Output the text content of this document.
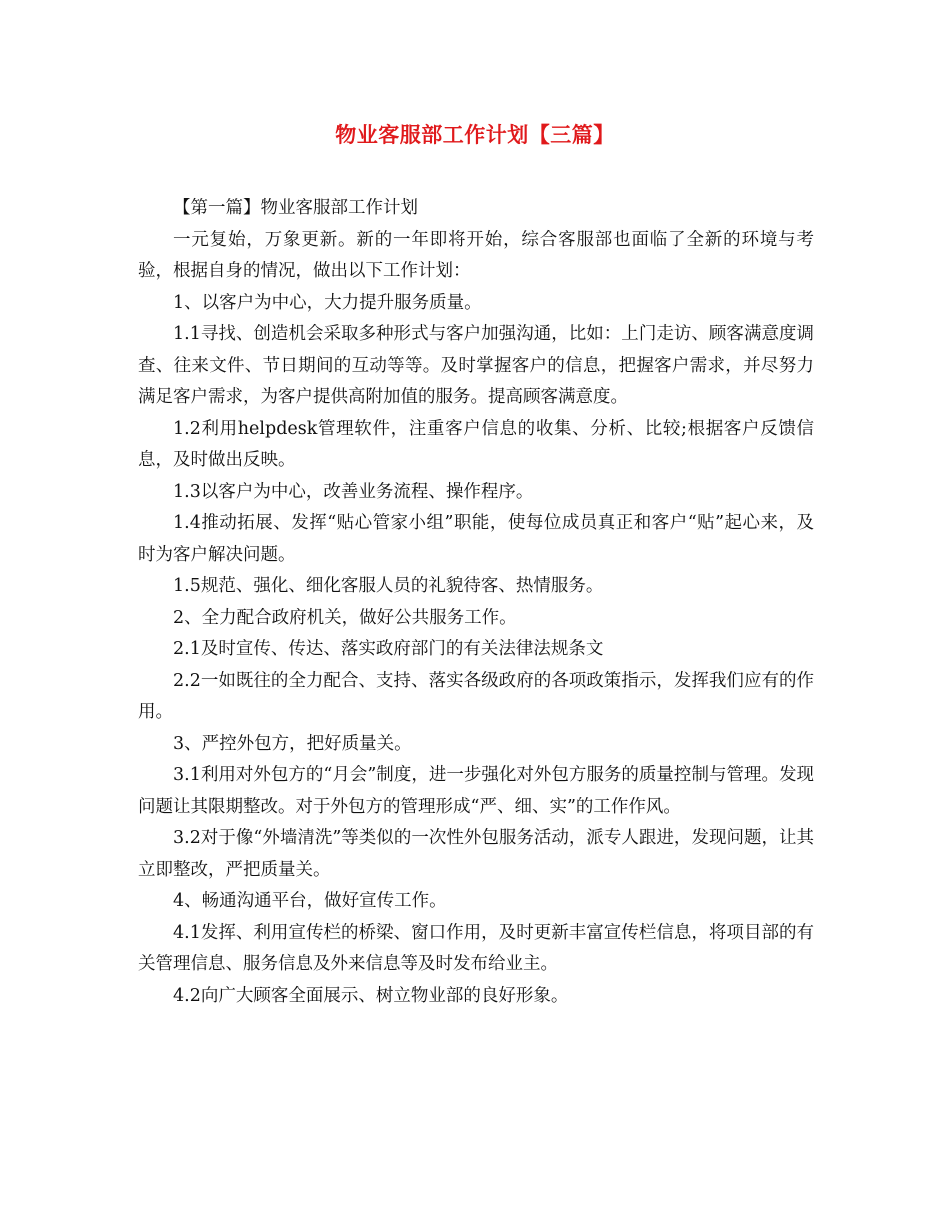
物业客服部工作计划【三篇】

【第一篇】物业客服部工作计划

一元复始，万象更新。新的一年即将开始，综合客服部也面临了全新的环境与考验，根据自身的情况，做出以下工作计划：

1、以客户为中心，大力提升服务质量。

1.1寻找、创造机会采取多种形式与客户加强沟通，比如：上门走访、顾客满意度调查、往来文件、节日期间的互动等等。及时掌握客户的信息，把握客户需求，并尽努力满足客户需求，为客户提供高附加值的服务。提高顾客满意度。

1.2利用helpdesk管理软件，注重客户信息的收集、分析、比较;根据客户反馈信息，及时做出反映。

1.3以客户为中心，改善业务流程、操作程序。

1.4推动拓展、发挥“贴心管家小组”职能，使每位成员真正和客户“贴”起心来，及时为客户解决问题。

1.5规范、强化、细化客服人员的礼貌待客、热情服务。

2、全力配合政府机关，做好公共服务工作。

2.1及时宣传、传达、落实政府部门的有关法律法规条文

2.2一如既往的全力配合、支持、落实各级政府的各项政策指示，发挥我们应有的作用。

3、严控外包方，把好质量关。

3.1利用对外包方的“月会”制度，进一步强化对外包方服务的质量控制与管理。发现问题让其限期整改。对于外包方的管理形成“严、细、实”的工作作风。

3.2对于像“外墙清洗”等类似的一次性外包服务活动，派专人跟进，发现问题，让其立即整改，严把质量关。

4、畅通沟通平台，做好宣传工作。

4.1发挥、利用宣传栏的桥梁、窗口作用，及时更新丰富宣传栏信息，将项目部的有关管理信息、服务信息及外来信息等及时发布给业主。

4.2向广大顾客全面展示、树立物业部的良好形象。
